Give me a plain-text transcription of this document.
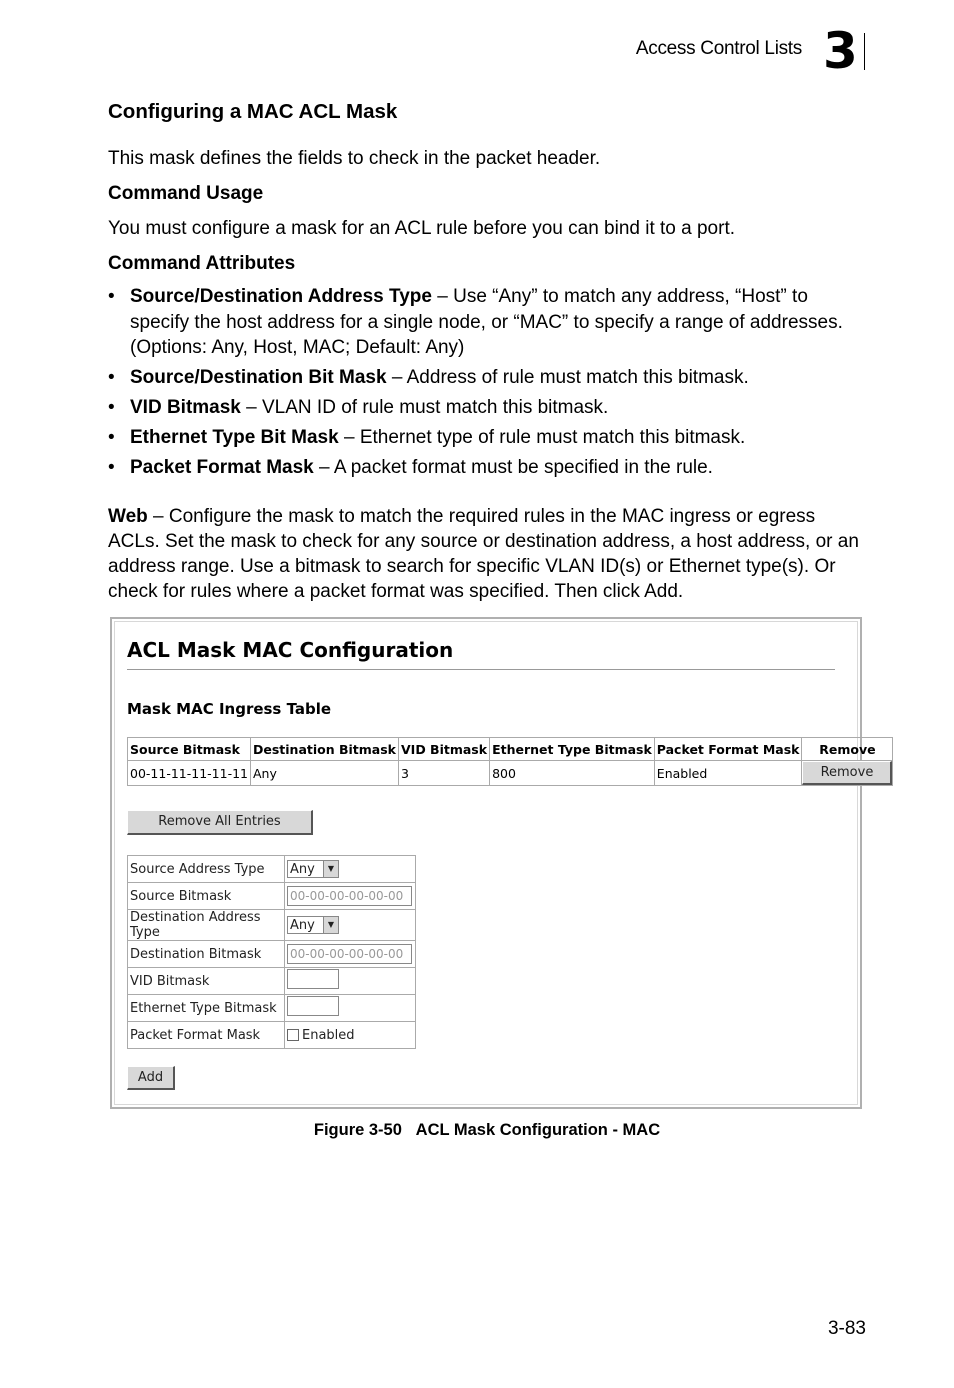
Access Control Lists 3
Configuring a MAC ACL Mask

This mask defines the fields to check in the packet header.

Command Usage

You must configure a mask for an ACL rule before you can bind it to a port.

Command Attributes
• Source/Destination Address Type – Use “Any” to match any address, “Host” to specify the host address for a single node, or “MAC” to specify a range of addresses. (Options: Any, Host, MAC; Default: Any)
• Source/Destination Bit Mask – Address of rule must match this bitmask.
• VID Bitmask – VLAN ID of rule must match this bitmask.
• Ethernet Type Bit Mask – Ethernet type of rule must match this bitmask.
• Packet Format Mask – A packet format must be specified in the rule.

Web – Configure the mask to match the required rules in the MAC ingress or egress ACLs. Set the mask to check for any source or destination address, a host address, or an address range. Use a bitmask to search for specific VLAN ID(s) or Ethernet type(s). Or check for rules where a packet format was specified. Then click Add.

ACL Mask MAC Configuration
Mask MAC Ingress Table
Source Bitmask	Destination Bitmask	VID Bitmask	Ethernet Type Bitmask	Packet Format Mask	Remove
00-11-11-11-11-11	Any	3	800	Enabled	Remove
Remove All Entries
Source Address Type	Any ▼

Source Bitmask	00-00-00-00-00-00
Destination Address Type	Any ▼

Destination Bitmask	00-00-00-00-00-00
VID Bitmask	
Ethernet Type Bitmask	
Packet Format Mask	Enabled
Add
Figure 3-50 ACL Mask Configuration - MAC
3-83
